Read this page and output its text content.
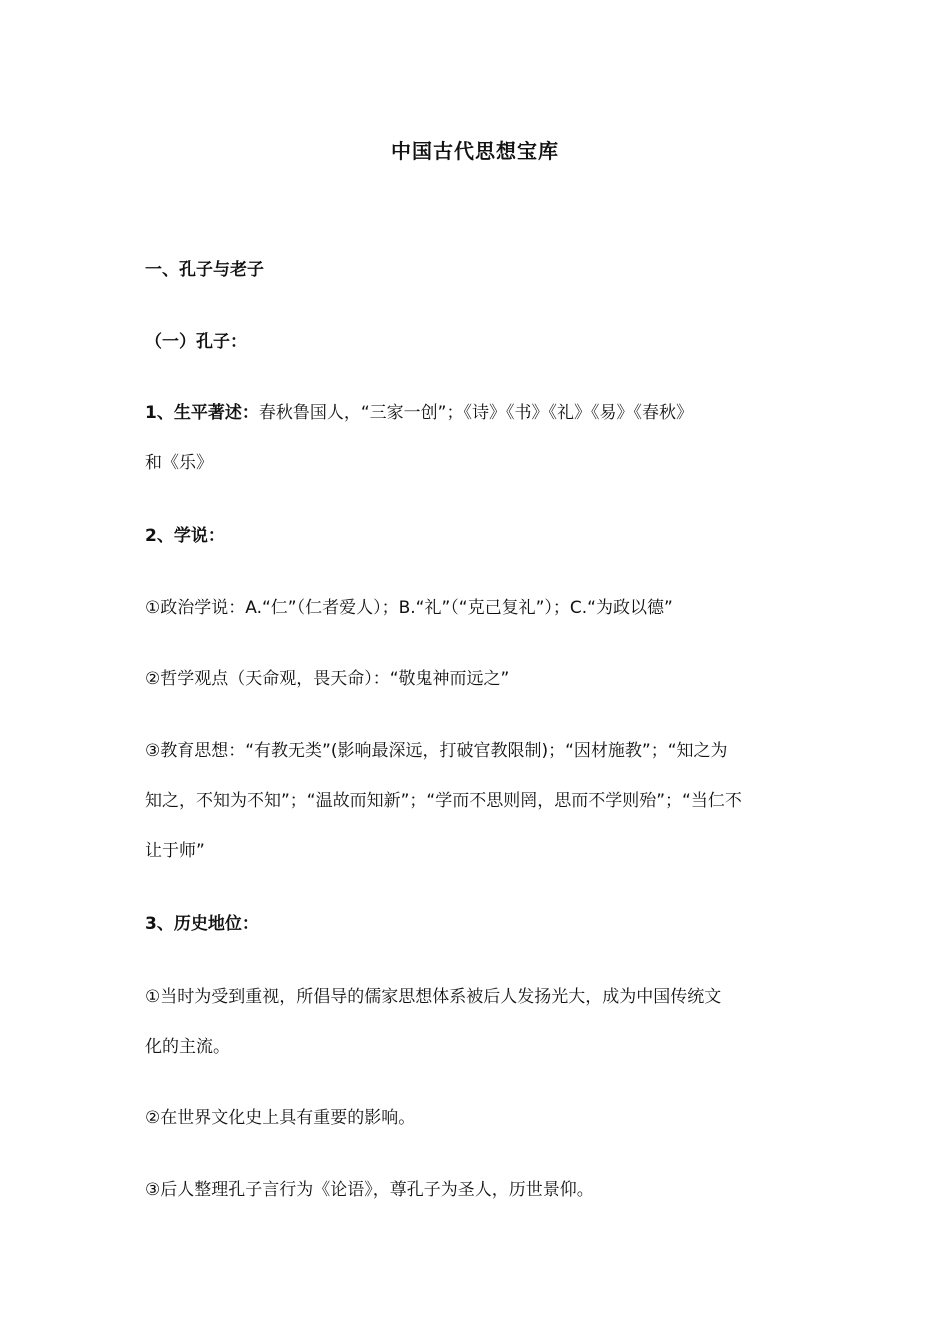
中国古代思想宝库

一、孔子与老子

（一）孔子：

1、生平著述：春秋鲁国人，“三家一创”；《诗》《书》《礼》《易》《春秋》

和《乐》

2、学说：

①政治学说：A.“仁”（仁者爱人）；B.“礼”（“克己复礼”）；C.“为政以德”

②哲学观点（天命观，畏天命）：“敬鬼神而远之”

③教育思想：“有教无类”(影响最深远，打破官教限制)；“因材施教”；“知之为

知之，不知为不知”；“温故而知新”；“学而不思则罔，思而不学则殆”；“当仁不

让于师”

3、历史地位：

①当时为受到重视，所倡导的儒家思想体系被后人发扬光大，成为中国传统文

化的主流。

②在世界文化史上具有重要的影响。

③后人整理孔子言行为《论语》，尊孔子为圣人，历世景仰。
